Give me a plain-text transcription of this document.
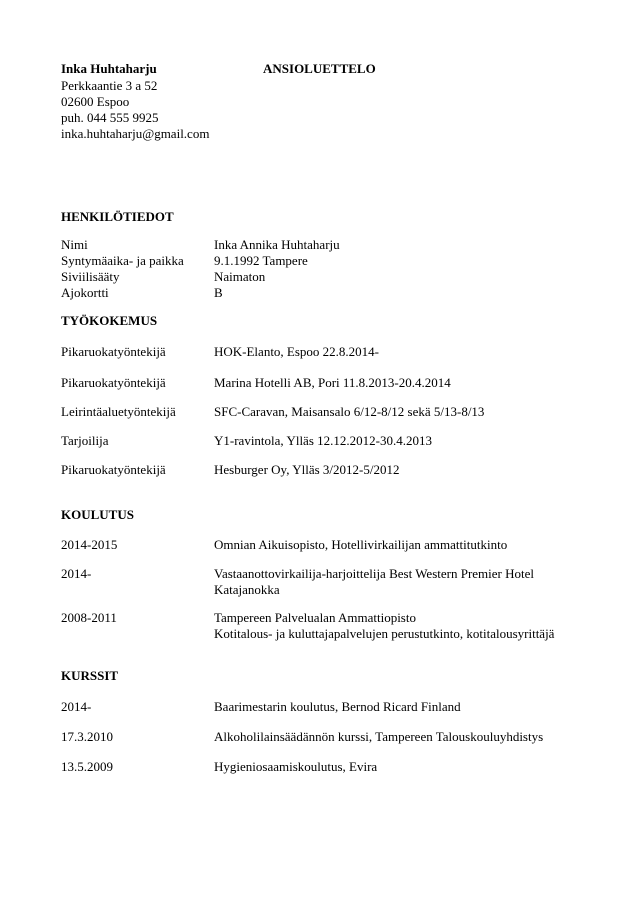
Inka Huhtaharju	ANSIOLUETTELO
Perkkaantie 3 a 52
02600 Espoo
puh. 044 555 9925
inka.huhtaharju@gmail.com
HENKILÖTIEDOT
Nimi	Inka Annika Huhtaharju
Syntymäaika- ja paikka	9.1.1992 Tampere
Siviilisääty	Naimaton
Ajokortti	B
TYÖKOKEMUS
Pikaruokatyöntekijä	HOK-Elanto, Espoo 22.8.2014-
Pikaruokatyöntekijä	Marina Hotelli AB, Pori 11.8.2013-20.4.2014
Leirintäaluetyöntekijä	SFC-Caravan, Maisansalo 6/12-8/12 sekä 5/13-8/13
Tarjoilija	Y1-ravintola, Ylläs 12.12.2012-30.4.2013
Pikaruokatyöntekijä	Hesburger Oy, Ylläs 3/2012-5/2012
KOULUTUS
2014-2015	Omnian Aikuisopisto, Hotellivirkailijan ammattitutkinto
2014-	Vastaanottovirkailija-harjoittelija Best Western Premier Hotel
Katajanokka
2008-2011	Tampereen Palvelualan Ammattiopisto
Kotitalous- ja kuluttajapalvelujen perustutkinto, kotitalousyrittäjä
KURSSIT
2014-	Baarimestarin koulutus, Bernod Ricard Finland
17.3.2010	Alkoholilainsäädännön kurssi, Tampereen Talouskouluyhdistys
13.5.2009	Hygieniosaamiskoulutus, Evira
